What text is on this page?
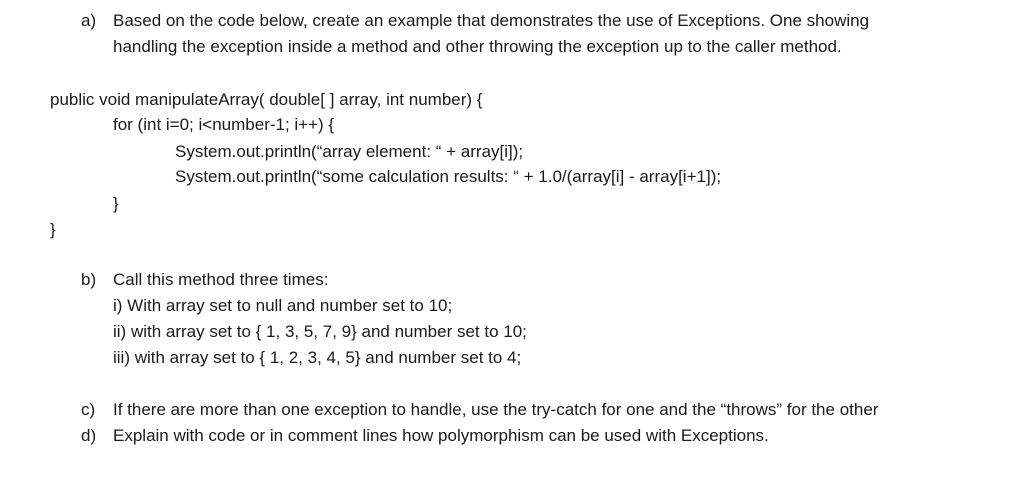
a) Based on the code below, create an example that demonstrates the use of Exceptions. One showing
handling the exception inside a method and other throwing the exception up to the caller method.
public void manipulateArray( double[ ] array, int number) {
for (int i=0; i<number-1; i++) {
System.out.println(“array element: “ + array[i]);
System.out.println(“some calculation results: “ + 1.0/(array[i] - array[i+1]);
}
}
b) Call this method three times:
i) With array set to null and number set to 10;
ii) with array set to { 1, 3, 5, 7, 9} and number set to 10;
iii) with array set to { 1, 2, 3, 4, 5} and number set to 4;
c) If there are more than one exception to handle, use the try-catch for one and the “throws” for the other
d) Explain with code or in comment lines how polymorphism can be used with Exceptions.
